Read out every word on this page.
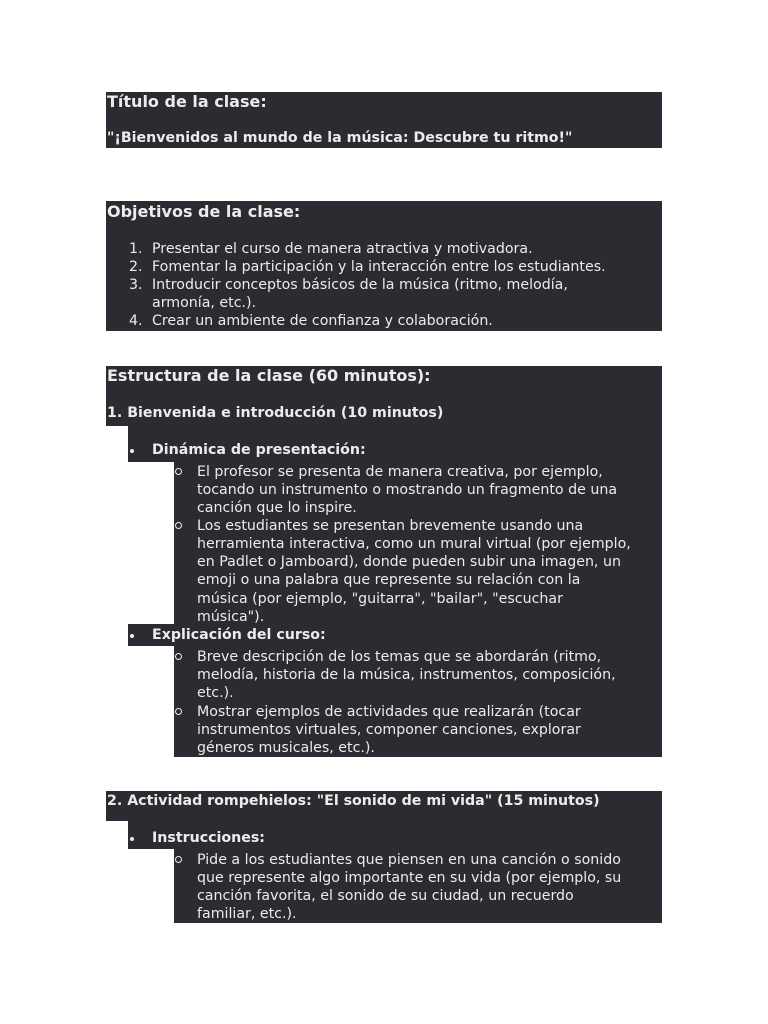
Título de la clase:
"¡Bienvenidos al mundo de la música: Descubre tu ritmo!"
Objetivos de la clase:
1. Presentar el curso de manera atractiva y motivadora.
2. Fomentar la participación y la interacción entre los estudiantes.
3. Introducir conceptos básicos de la música (ritmo, melodía,
armonía, etc.).
4. Crear un ambiente de confianza y colaboración.
Estructura de la clase (60 minutos):
1. Bienvenida e introducción (10 minutos)
Dinámica de presentación:
El profesor se presenta de manera creativa, por ejemplo,
tocando un instrumento o mostrando un fragmento de una
canción que lo inspire.
Los estudiantes se presentan brevemente usando una
herramienta interactiva, como un mural virtual (por ejemplo,
en Padlet o Jamboard), donde pueden subir una imagen, un
emoji o una palabra que represente su relación con la
música (por ejemplo, "guitarra", "bailar", "escuchar
música").
Explicación del curso:
Breve descripción de los temas que se abordarán (ritmo,
melodía, historia de la música, instrumentos, composición,
etc.).
Mostrar ejemplos de actividades que realizarán (tocar
instrumentos virtuales, componer canciones, explorar
géneros musicales, etc.).
2. Actividad rompehielos: "El sonido de mi vida" (15 minutos)
Instrucciones:
Pide a los estudiantes que piensen en una canción o sonido
que represente algo importante en su vida (por ejemplo, su
canción favorita, el sonido de su ciudad, un recuerdo
familiar, etc.).
